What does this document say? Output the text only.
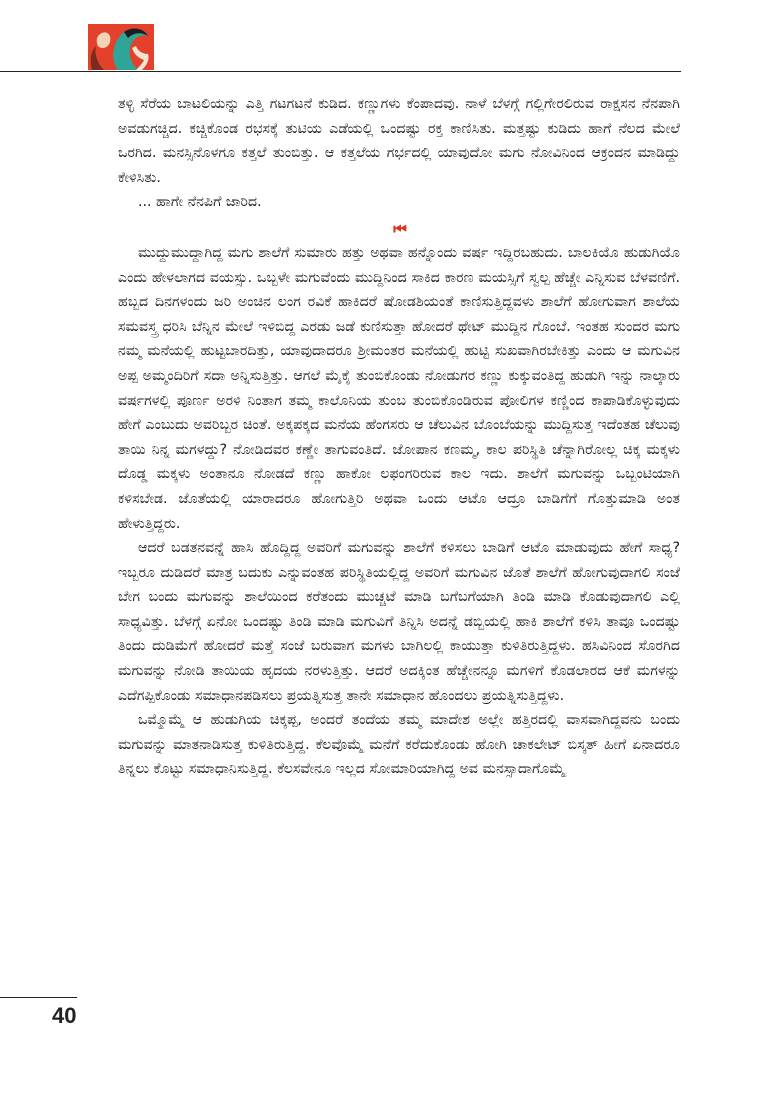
ತಳ್ಳಿ ಸೆರೆಯ ಬಾಟಲಿಯನ್ನು ಎತ್ತಿ ಗಟಗಟನೆ ಕುಡಿದ. ಕಣ್ಣುಗಳು ಕೆಂಪಾದವು. ನಾಳೆ ಬೆಳಗ್ಗೆ ಗಲ್ಲಿಗೇರಲಿರುವ ರಾಕ್ಷಸನ ನೆನಪಾಗಿ ಅವಡುಗಚ್ಚಿದ. ಕಚ್ಚಿಕೊಂಡ ರಭಸಕ್ಕೆ ತುಟಿಯ ಎಡೆಯಲ್ಲಿ ಒಂದಷ್ಟು ರಕ್ತ ಕಾಣಿಸಿತು. ಮತ್ತಷ್ಟು ಕುಡಿದು ಹಾಗೆ ನೆಲದ ಮೇಲೆ ಒರಗಿದ. ಮನಸ್ಸಿನೊಳಗೂ ಕತ್ತಲೆ ತುಂಬಿತ್ತು. ಆ ಕತ್ತಲೆಯ ಗರ್ಭದಲ್ಲಿ ಯಾವುದೋ ಮಗು ನೋವಿನಿಂದ ಆಕ್ರಂದನ ಮಾಡಿದ್ದು ಕೇಳಿಸಿತು.

... ಹಾಗೇ ನೆನಪಿಗೆ ಜಾರಿದ.

⏮

ಮುದ್ದುಮುದ್ದಾಗಿದ್ದ ಮಗು ಶಾಲೆಗೆ ಸುಮಾರು ಹತ್ತು ಅಥವಾ ಹನ್ನೊಂದು ವರ್ಷ ಇದ್ದಿರಬಹುದು. ಬಾಲಕಿಯೊ ಹುಡುಗಿಯೊ ಎಂದು ಹೇಳಲಾಗದ ವಯಸ್ಸು. ಒಬ್ಬಳೇ ಮಗುವೆಂದು ಮುದ್ದಿನಿಂದ ಸಾಕಿದ ಕಾರಣ ಮಯಸ್ಸಿಗೆ ಸ್ವಲ್ಪ ಹೆಚ್ಚೇ ಎನ್ನಿಸುವ ಬೆಳವಣಿಗೆ. ಹಬ್ಬದ ದಿನಗಳಂದು ಜರಿ ಅಂಚಿನ ಲಂಗ ರವಿಕೆ ಹಾಕಿದರೆ ಷೋಡಶಿಯಂತೆ ಕಾಣಿಸುತ್ತಿದ್ದವಳು ಶಾಲೆಗೆ ಹೋಗುವಾಗ ಶಾಲೆಯ ಸಮವಸ್ತ್ರ ಧರಿಸಿ ಬೆನ್ನಿನ ಮೇಲೆ ಇಳಿಬಿದ್ದ ಎರಡು ಜಡೆ ಕುಣಿಸುತ್ತಾ ಹೋದರೆ ಥೇಟ್ ಮುದ್ದಿನ ಗೊಂಬೆ. ಇಂತಹ ಸುಂದರ ಮಗು ನಮ್ಮ ಮನೆಯಲ್ಲಿ ಹುಟ್ಟಬಾರದಿತ್ತು, ಯಾವುದಾದರೂ ಶ್ರೀಮಂತರ ಮನೆಯಲ್ಲಿ ಹುಟ್ಟಿ ಸುಖವಾಗಿರಬೇಕಿತ್ತು ಎಂದು ಆ ಮಗುವಿನ ಅಪ್ಪ ಅಮ್ಮಂದಿರಿಗೆ ಸದಾ ಅನ್ನಿಸುತ್ತಿತ್ತು. ಆಗಲೆ ಮೈಕೈ ತುಂಬಿಕೊಂಡು ನೋಡುಗರ ಕಣ್ಣು ಕುಕ್ಕುವಂತಿದ್ದ ಹುಡುಗಿ ಇನ್ನು ನಾಲ್ಕಾರು ವರ್ಷಗಳಲ್ಲಿ ಪೂರ್ಣ ಅರಳಿ ನಿಂತಾಗ ತಮ್ಮ ಕಾಲೊನಿಯ ತುಂಬ ತುಂಬಿಕೊಂಡಿರುವ ಪೋಲಿಗಳ ಕಣ್ಣಿಂದ ಕಾಪಾಡಿಕೊಳ್ಳುವುದು ಹೇಗೆ ಎಂಬುದು ಅವರಿಬ್ಬರ ಚಿಂತೆ. ಅಕ್ಕಪಕ್ಕದ ಮನೆಯ ಹೆಂಗಸರು ಆ ಚೆಲುವಿನ ಬೊಂಬೆಯನ್ನು ಮುದ್ದಿಸುತ್ತ ಇದೆಂತಹ ಚೆಲುವು ತಾಯಿ ನಿನ್ನ ಮಗಳದ್ದು? ನೋಡಿದವರ ಕಣ್ಣೇ ತಾಗುವಂತಿದೆ. ಜೋಪಾನ ಕಣಮ್ಮ, ಕಾಲ ಪರಿಸ್ಥಿತಿ ಚೆನ್ನಾಗಿರೋಲ್ಲ ಚಿಕ್ಕ ಮಕ್ಕಳು ದೊಡ್ಡ ಮಕ್ಕಳು ಅಂತಾನೂ ನೋಡದೆ ಕಣ್ಣು ಹಾಕೋ ಲಫಂಗರಿರುವ ಕಾಲ ಇದು. ಶಾಲೆಗೆ ಮಗುವನ್ನು ಒಬ್ಬಂಟಿಯಾಗಿ ಕಳಿಸಬೇಡ. ಜೊತೆಯಲ್ಲಿ ಯಾರಾದರೂ ಹೋಗುತ್ತಿರಿ ಅಥವಾ ಒಂದು ಆಟೊ ಆದ್ರೂ ಬಾಡಿಗೆಗೆ ಗೊತ್ತುಮಾಡಿ ಅಂತ ಹೇಳುತ್ತಿದ್ದರು.

ಆದರೆ ಬಡತನವನ್ನೆ ಹಾಸಿ ಹೊದ್ದಿದ್ದ ಅವರಿಗೆ ಮಗುವನ್ನು ಶಾಲೆಗೆ ಕಳಿಸಲು ಬಾಡಿಗೆ ಆಟೊ ಮಾಡುವುದು ಹೇಗೆ ಸಾಧ್ಯ? ಇಬ್ಬರೂ ದುಡಿದರೆ ಮಾತ್ರ ಬದುಕು ಎನ್ನುವಂತಹ ಪರಿಸ್ಥಿತಿಯಲ್ಲಿದ್ದ ಅವರಿಗೆ ಮಗುವಿನ ಜೊತೆ ಶಾಲೆಗೆ ಹೋಗುವುದಾಗಲಿ ಸಂಜೆ ಬೇಗ ಬಂದು ಮಗುವನ್ನು ಶಾಲೆಯಿಂದ ಕರೆತಂದು ಮುಚ್ಚಟೆ ಮಾಡಿ ಬಗೆಬಗೆಯಾಗಿ ತಿಂಡಿ ಮಾಡಿ ಕೊಡುವುದಾಗಲಿ ಎಲ್ಲಿ ಸಾಧ್ಯವಿತ್ತು. ಬೆಳಗ್ಗೆ ಏನೋ ಒಂದಷ್ಟು ತಿಂಡಿ ಮಾಡಿ ಮಗುವಿಗೆ ತಿನ್ನಿಸಿ ಅದನ್ನೆ ಡಬ್ಬಿಯಲ್ಲಿ ಹಾಕಿ ಶಾಲೆಗೆ ಕಳಿಸಿ ತಾವೂ ಒಂದಷ್ಟು ತಿಂದು ದುಡಿಮೆಗೆ ಹೋದರೆ ಮತ್ತೆ ಸಂಜೆ ಬರುವಾಗ ಮಗಳು ಬಾಗಿಲಲ್ಲಿ ಕಾಯುತ್ತಾ ಕುಳಿತಿರುತ್ತಿದ್ದಳು. ಹಸಿವಿನಿಂದ ಸೊರಗಿದ ಮಗುವನ್ನು ನೋಡಿ ತಾಯಿಯ ಹೃದಯ ನರಳುತ್ತಿತ್ತು. ಆದರೆ ಅದಕ್ಕಿಂತ ಹೆಚ್ಚೇನನ್ನೂ ಮಗಳಿಗೆ ಕೊಡಲಾರದ ಆಕೆ ಮಗಳನ್ನು ಎದೆಗಪ್ಪಿಕೊಂಡು ಸಮಾಧಾನಪಡಿಸಲು ಪ್ರಯತ್ನಿಸುತ್ತ ತಾನೇ ಸಮಾಧಾನ ಹೊಂದಲು ಪ್ರಯತ್ನಿಸುತ್ತಿದ್ದಳು.

ಒಮ್ಮೊಮ್ಮೆ ಆ ಹುಡುಗಿಯ ಚಿಕ್ಕಪ್ಪ, ಅಂದರೆ ತಂದೆಯ ತಮ್ಮ ಮಾದೇಶ ಅಲ್ಲೇ ಹತ್ತಿರದಲ್ಲಿ ವಾಸವಾಗಿದ್ದವನು ಬಂದು ಮಗುವನ್ನು ಮಾತನಾಡಿಸುತ್ತ ಕುಳಿತಿರುತ್ತಿದ್ದ. ಕೆಲವೊಮ್ಮೆ ಮನೆಗೆ ಕರೆದುಕೊಂಡು ಹೋಗಿ ಚಾಕಲೇಟ್ ಬಿಸ್ಕತ್ ಹೀಗೆ ಏನಾದರೂ ತಿನ್ನಲು ಕೊಟ್ಟು ಸಮಾಧಾನಿಸುತ್ತಿದ್ದ. ಕೆಲಸವೇನೂ ಇಲ್ಲದ ಸೋಮಾರಿಯಾಗಿದ್ದ ಅವ ಮನಸ್ಸಾದಾಗೊಮ್ಮೆ

40
